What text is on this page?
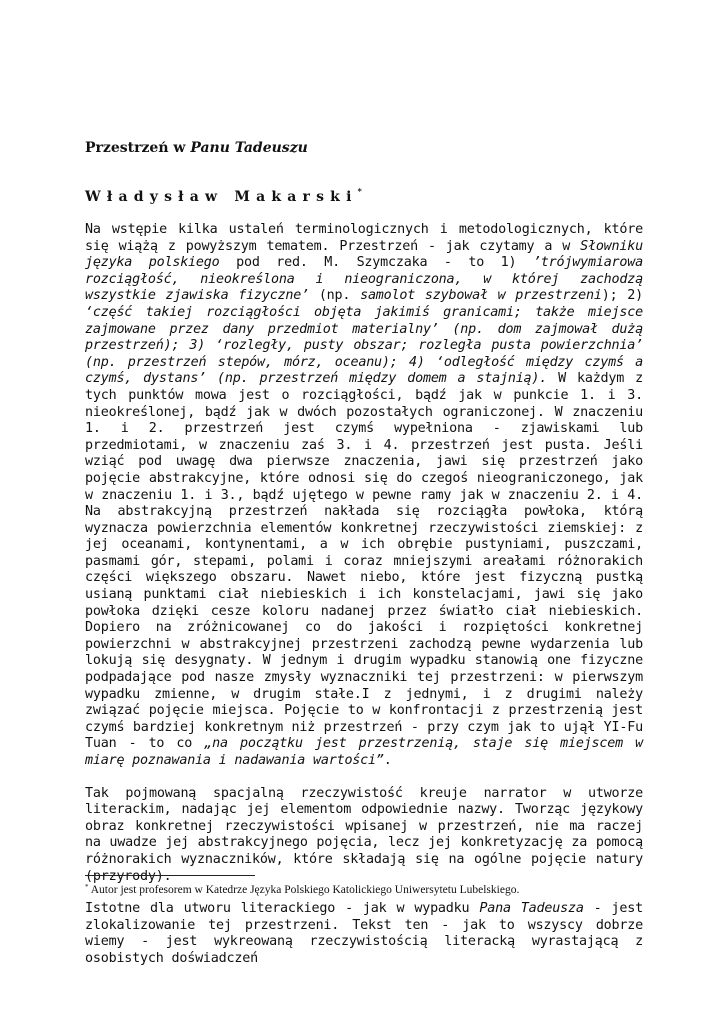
Przestrzeń w Panu Tadeuszu
Władysław Makarski*

Na wstępie kilka ustaleń terminologicznych i metodologicznych, które się wiążą z powyższym tematem. Przestrzeń - jak czytamy a w Słowniku języka polskiego pod red. M. Szymczaka - to 1) ’trójwymiarowa rozciągłość, nieokreślona i nieograniczona, w której zachodzą wszystkie zjawiska fizyczne’ (np. samolot szybował w przestrzeni); 2) ‘część takiej rozciągłości objęta jakimiś granicami; także miejsce zajmowane przez dany przedmiot materialny’ (np. dom zajmował dużą przestrzeń); 3) ‘rozległy, pusty obszar; rozległa pusta powierzchnia’ (np. przestrzeń stepów, mórz, oceanu); 4) ‘odległość między czymś a czymś, dystans’ (np. przestrzeń między domem a stajnią). W każdym z tych punktów mowa jest o rozciągłości, bądź jak w punkcie 1. i 3. nieokreślonej, bądź jak w dwóch pozostałych ograniczonej. W znaczeniu 1. i 2. przestrzeń jest czymś wypełniona - zjawiskami lub przedmiotami, w znaczeniu zaś 3. i 4. przestrzeń jest pusta. Jeśli wziąć pod uwagę dwa pierwsze znaczenia, jawi się przestrzeń jako pojęcie abstrakcyjne, które odnosi się do czegoś nieograniczonego, jak w znaczeniu 1. i 3., bądź ujętego w pewne ramy jak w znaczeniu 2. i 4. Na abstrakcyjną przestrzeń nakłada się rozciągła powłoka, którą wyznacza powierzchnia elementów konkretnej rzeczywistości ziemskiej: z jej oceanami, kontynentami, a w ich obrębie pustyniami, puszczami, pasmami gór, stepami, polami i coraz mniejszymi areałami różnorakich części większego obszaru. Nawet niebo, które jest fizyczną pustką usianą punktami ciał niebieskich i ich konstelacjami, jawi się jako powłoka dzięki cesze koloru nadanej przez światło ciał niebieskich. Dopiero na zróżnicowanej co do jakości i rozpiętości konkretnej powierzchni w abstrakcyjnej przestrzeni zachodzą pewne wydarzenia lub lokują się desygnaty. W jednym i drugim wypadku stanowią one fizyczne podpadające pod nasze zmysły wyznaczniki tej przestrzeni: w pierwszym wypadku zmienne, w drugim stałe.I z jednymi, i z drugimi należy związać pojęcie miejsca. Pojęcie to w konfrontacji z przestrzenią jest czymś bardziej konkretnym niż przestrzeń - przy czym jak to ujął YI-Fu Tuan - to co „na początku jest przestrzenią, staje się miejscem w miarę poznawania i nadawania wartości”.

Tak pojmowaną spacjalną rzeczywistość kreuje narrator w utworze literackim, nadając jej elementom odpowiednie nazwy. Tworząc językowy obraz konkretnej rzeczywistości wpisanej w przestrzeń, nie ma raczej na uwadze jej abstrakcyjnego pojęcia, lecz jej konkretyzację za pomocą różnorakich wyznaczników, które składają się na ogólne pojęcie natury (przyrody).

Istotne dla utworu literackiego - jak w wypadku Pana Tadeusza - jest zlokalizowanie tej przestrzeni. Tekst ten - jak to wszyscy dobrze wiemy - jest wykreowaną rzeczywistością literacką wyrastającą z osobistych doświadczeń

* Autor jest profesorem w Katedrze Języka Polskiego Katolickiego Uniwersytetu Lubelskiego.
